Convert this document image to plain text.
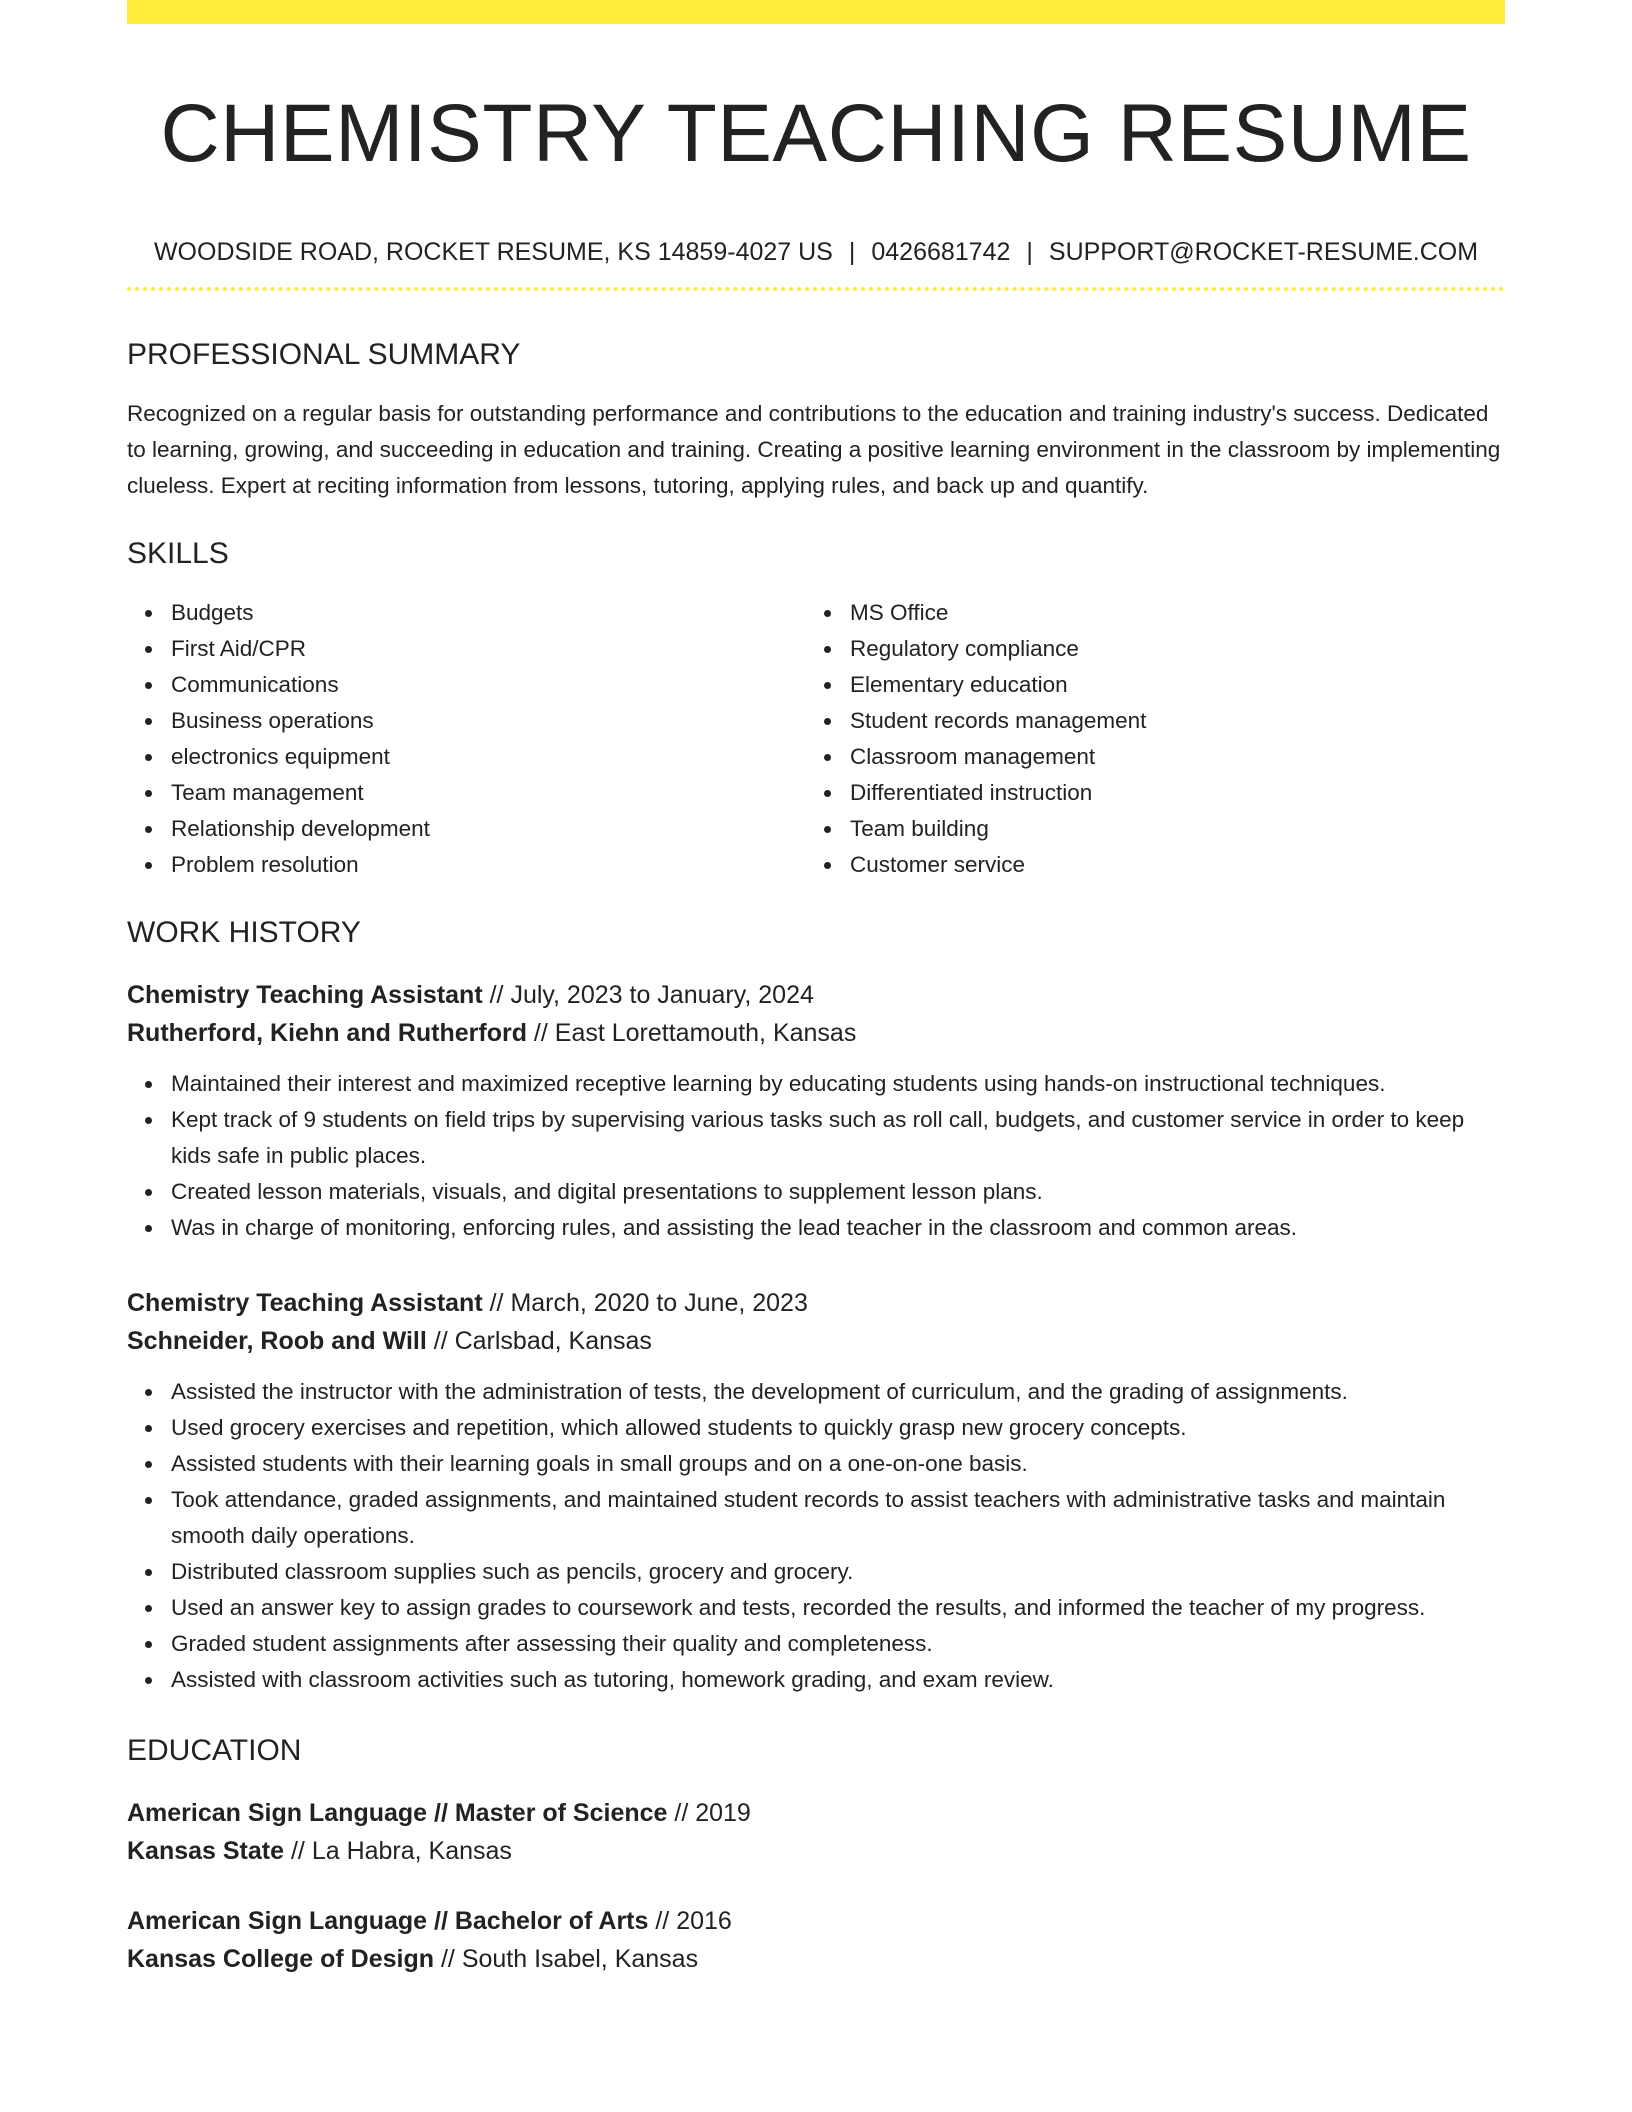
CHEMISTRY TEACHING RESUME
WOODSIDE ROAD, ROCKET RESUME, KS 14859-4027 US | 0426681742 | SUPPORT@ROCKET-RESUME.COM
PROFESSIONAL SUMMARY

Recognized on a regular basis for outstanding performance and contributions to the education and training industry's success. Dedicated to learning, growing, and succeeding in education and training. Creating a positive learning environment in the classroom by implementing clueless. Expert at reciting information from lessons, tutoring, applying rules, and back up and quantify.

SKILLS
Budgets
First Aid/CPR
Communications
Business operations
electronics equipment
Team management
Relationship development
Problem resolution
MS Office
Regulatory compliance
Elementary education
Student records management
Classroom management
Differentiated instruction
Team building
Customer service
WORK HISTORY
Chemistry Teaching Assistant // July, 2023 to January, 2024
Rutherford, Kiehn and Rutherford // East Lorettamouth, Kansas
Maintained their interest and maximized receptive learning by educating students using hands-on instructional techniques.
Kept track of 9 students on field trips by supervising various tasks such as roll call, budgets, and customer service in order to keep kids safe in public places.
Created lesson materials, visuals, and digital presentations to supplement lesson plans.
Was in charge of monitoring, enforcing rules, and assisting the lead teacher in the classroom and common areas.
Chemistry Teaching Assistant // March, 2020 to June, 2023
Schneider, Roob and Will // Carlsbad, Kansas
Assisted the instructor with the administration of tests, the development of curriculum, and the grading of assignments.
Used grocery exercises and repetition, which allowed students to quickly grasp new grocery concepts.
Assisted students with their learning goals in small groups and on a one-on-one basis.
Took attendance, graded assignments, and maintained student records to assist teachers with administrative tasks and maintain smooth daily operations.
Distributed classroom supplies such as pencils, grocery and grocery.
Used an answer key to assign grades to coursework and tests, recorded the results, and informed the teacher of my progress.
Graded student assignments after assessing their quality and completeness.
Assisted with classroom activities such as tutoring, homework grading, and exam review.
EDUCATION
American Sign Language // Master of Science // 2019
Kansas State // La Habra, Kansas
American Sign Language // Bachelor of Arts // 2016
Kansas College of Design // South Isabel, Kansas
